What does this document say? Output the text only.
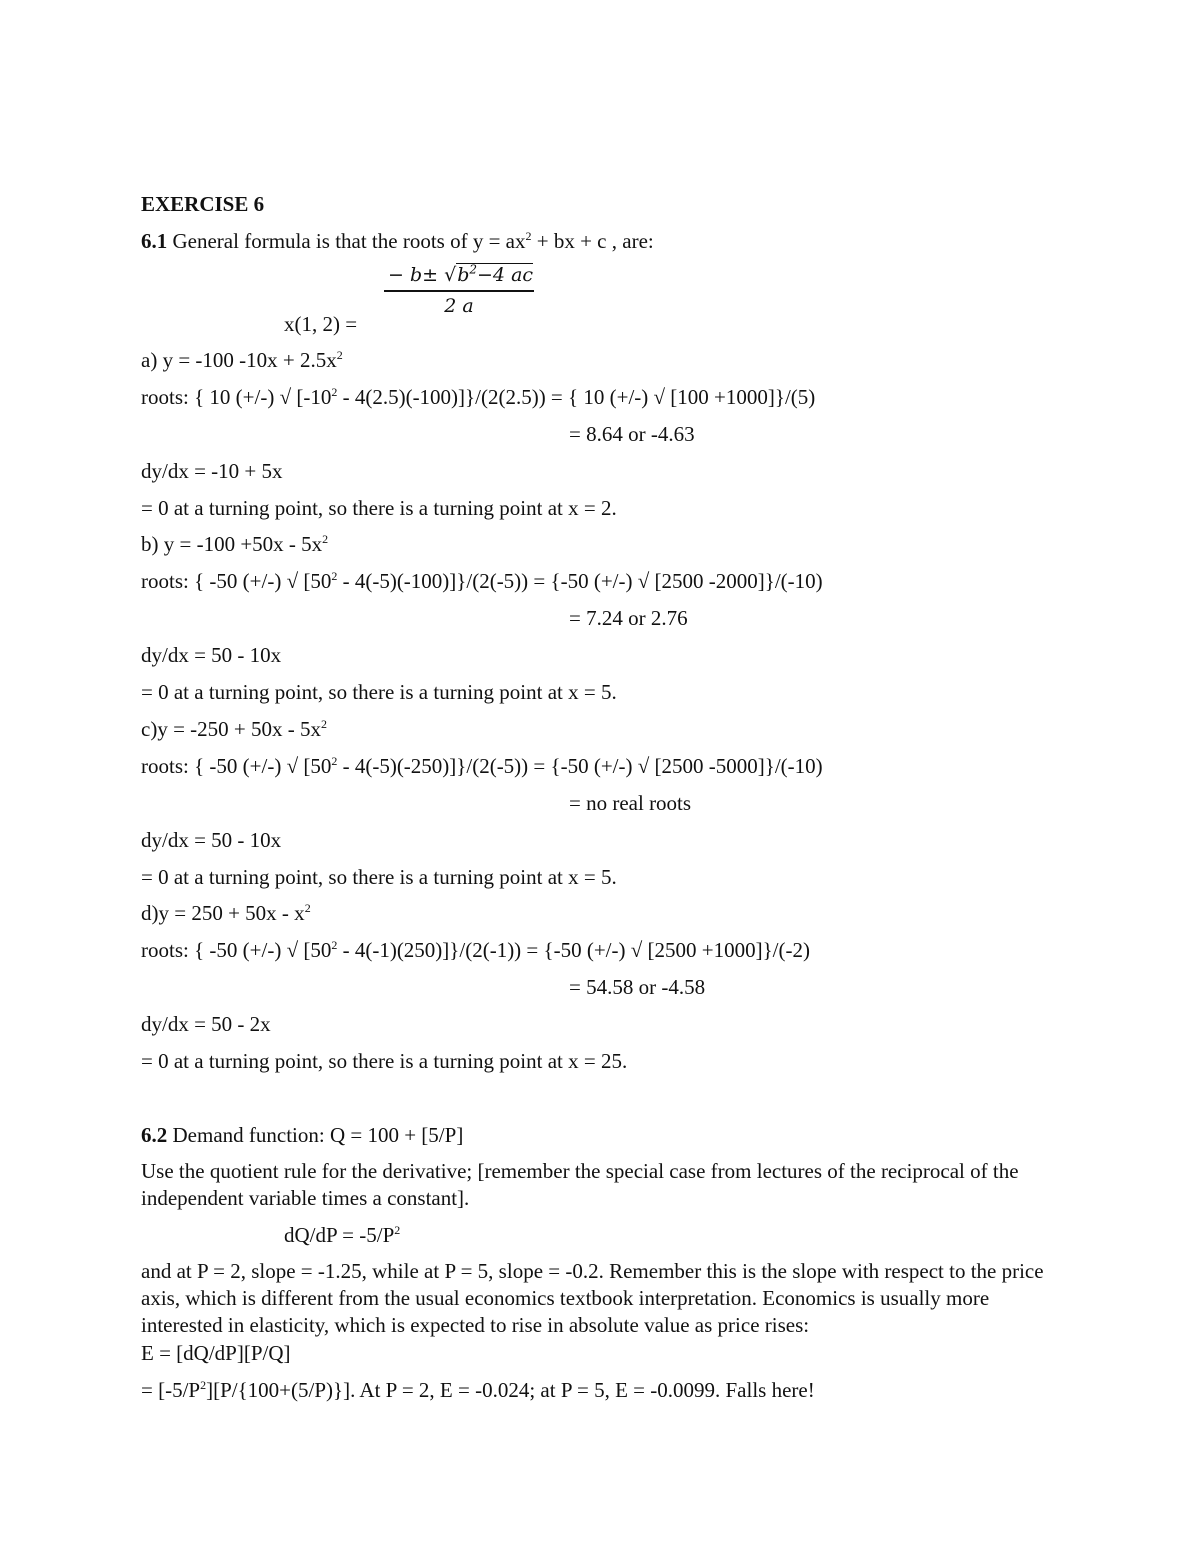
EXERCISE 6
6.1 General formula is that the roots of $y = ax^2$ + bx + c , are:
$\frac{- b\pm √b^2-4 ac}{2 a}$
x(1, 2) =
a) y = -100 $-10x + 2.5x^2$
roots: { 10 (+/-) √ $[-10^2 - 4(2.5)(-100)]\}/(2(2.5))$ = { 10 (+/-) √ [100 +1000]}/(5)
= 8.64 or -4.63
dy/dx = -10 + 5x
= 0 at a turning point, so there is a turning point at x = 2.
b) $y = -100 +50x - 5x^2$
roots: { -50 (+/-) √ $[50^2 - 4(-5)(-100)]\}/(2(-5)) = \{-50$ (+/-) √ [2500 -2000]}/(-10)
= 7.24 or 2.76
dy/dx = 50 - 10x
= 0 at a turning point, so there is a turning point at x = 5.
$c)y = -250 + 50x - 5x^2$
roots: { -50 (+/-) √ $[50^2 - 4(-5)(-250)]\}/(2(-5)) = \{-50$ (+/-) √ [2500 -5000]}/(-10)
= no real roots
dy/dx = 50 - 10x
= 0 at a turning point, so there is a turning point at x = 5.
$d)y = 250 + 50x - x^2$
roots: { -50 (+/-) √ $[50^2 - 4(-1)(250)]\}/(2(-1)) = \{-50$ (+/-) √ [2500 +1000]}/(-2)
= 54.58 or -4.58
dy/dx = 50 - 2x
= 0 at a turning point, so there is a turning point at x = 25.
6.2 Demand function: Q = 100 + [5/P]
Use the quotient rule for the derivative; [remember the special case from lectures of the reciprocal of the independent variable times a constant].
$dQ/dP = -5/P^2$
and at P = 2, slope = -1.25, while at P = 5, slope = -0.2. Remember this is the slope with respect to the price axis, which is different from the usual economics textbook interpretation. Economics is usually more interested in elasticity, which is expected to rise in absolute value as price rises:
E = [dQ/dP][P/Q]
= $[-5/P^2][P/\{100+(5/P)\}]$. At P = 2, E = -0.024; at P = 5, E = -0.0099. Falls here!
